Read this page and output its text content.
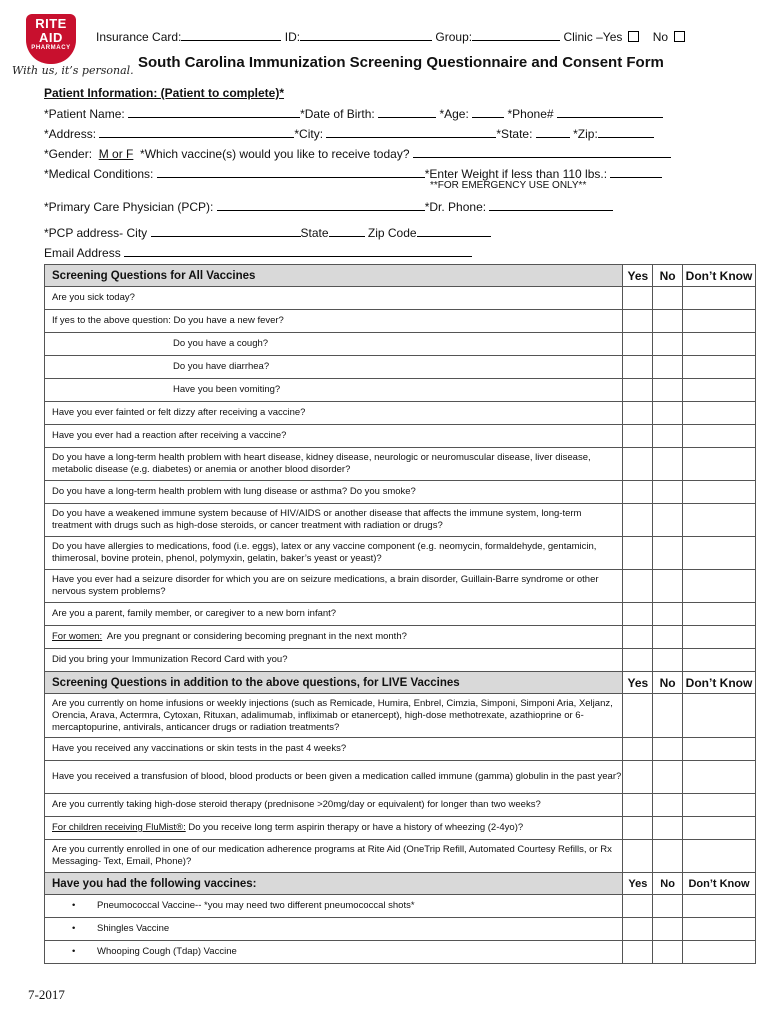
RITE
AID
PHARMACY
With us, it’s personal.
Insurance Card:	ID:	Group:	Clinic –Yes	No
South Carolina Immunization Screening Questionnaire and Consent Form
Patient Information: (Patient to complete)*
*Patient Name:	*Date of Birth:	*Age:	*Phone#
*Address:	*City:	*State:	*Zip:
*Gender: M or F *Which vaccine(s) would you like to receive today?
*Medical Conditions:	*Enter Weight if less than 110 lbs.:
**FOR EMERGENCY USE ONLY**
*Primary Care Physician (PCP):	*Dr. Phone:
*PCP address- City	State	Zip Code
Email Address
Screening Questions for All Vaccines	Yes	No	Don’t Know
Are you sick today?			
If yes to the above question: Do you have a new fever?			
Do you have a cough?			
Do you have diarrhea?			
Have you been vomiting?			
Have you ever fainted or felt dizzy after receiving a vaccine?			
Have you ever had a reaction after receiving a vaccine?			
Do you have a long-term health problem with heart disease, kidney disease, neurologic or neuromuscular disease, liver disease, metabolic disease (e.g. diabetes) or anemia or another blood disorder?			
Do you have a long-term health problem with lung disease or asthma? Do you smoke?			
Do you have a weakened immune system because of HIV/AIDS or another disease that affects the immune system, long-term treatment with drugs such as high-dose steroids, or cancer treatment with radiation or drugs?			
Do you have allergies to medications, food (i.e. eggs), latex or any vaccine component (e.g. neomycin, formaldehyde, gentamicin, thimerosal, bovine protein, phenol, polymyxin, gelatin, baker’s yeast or yeast)?			
Have you ever had a seizure disorder for which you are on seizure medications, a brain disorder, Guillain-Barre syndrome or other nervous system problems?			
Are you a parent, family member, or caregiver to a new born infant?			
For women: Are you pregnant or considering becoming pregnant in the next month?			
Did you bring your Immunization Record Card with you?			
Screening Questions in addition to the above questions, for LIVE Vaccines	Yes	No	Don’t Know
Are you currently on home infusions or weekly injections (such as Remicade, Humira, Enbrel, Cimzia, Simponi, Simponi Aria, Xeljanz, Orencia, Arava, Actermra, Cytoxan, Rituxan, adalimumab, infliximab or etanercept), high-dose methotrexate, azathioprine or 6-mercaptopurine, antivirals, anticancer drugs or radiation treatments?			
Have you received any vaccinations or skin tests in the past 4 weeks?			
Have you received a transfusion of blood, blood products or been given a medication called immune (gamma) globulin in the past year?			
Are you currently taking high-dose steroid therapy (prednisone >20mg/day or equivalent) for longer than two weeks?			
For children receiving FluMist®: Do you receive long term aspirin therapy or have a history of wheezing (2-4yo)?			
Are you currently enrolled in one of our medication adherence programs at Rite Aid (OneTrip Refill, Automated Courtesy Refills, or Rx Messaging- Text, Email, Phone)?			
Have you had the following vaccines:	Yes	No	Don’t Know
• Pneumococcal Vaccine-- *you may need two different pneumococcal shots*			
• Shingles Vaccine			
• Whooping Cough (Tdap) Vaccine			
7-2017
